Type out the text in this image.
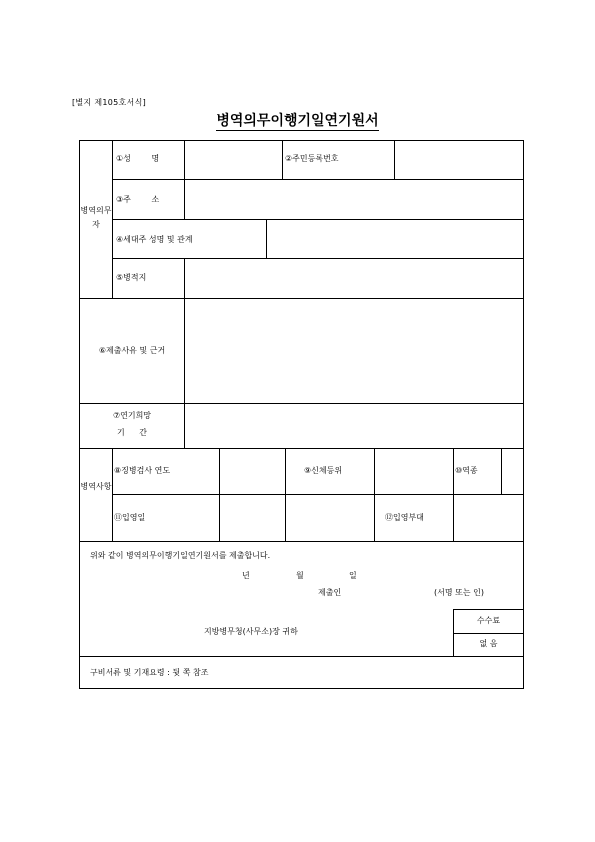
[별지 제105호서식]
병역의무이행기일연기원서
병역의무자
①성 명	②주민등록번호
③주 소
④세대주 성명 및 관계
⑤병적지
⑥제출사유 및 근거
⑦연기희망
기 간
병역사항
⑧징병검사 연도	⑨신체등위	⑩역종
⑪입영일	⑫입영부대
위와 같이 병역의무이행기일연기원서를 제출합니다.
년	월	일
제출인	(서명 또는 인)
수수료
없 음
지방병무청(사무소)장 귀하
구비서류 및 기재요령 : 뒷 쪽 참조
